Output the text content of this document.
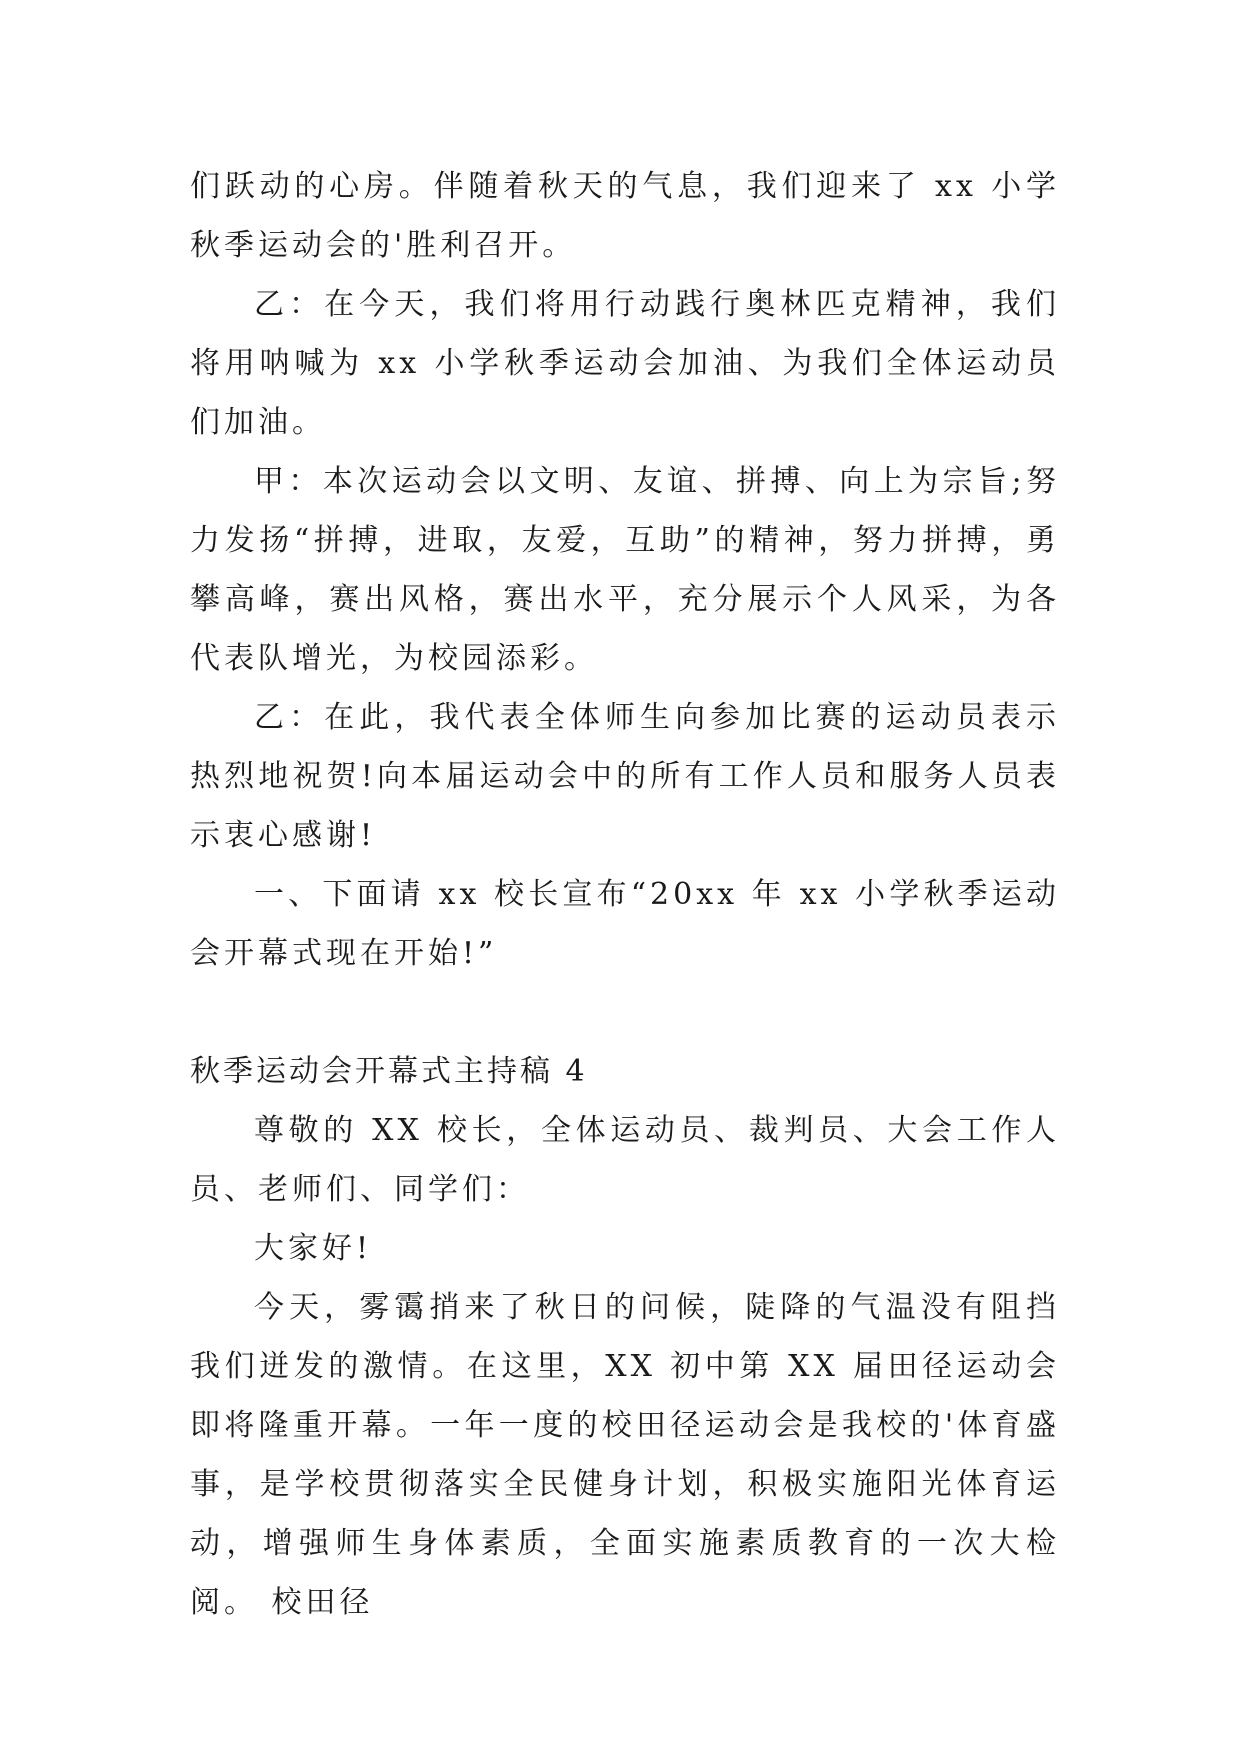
们跃动的心房。伴随着秋天的气息，我们迎来了 xx 小学秋季运动会的'胜利召开。

乙：在今天，我们将用行动践行奥林匹克精神，我们将用呐喊为 xx 小学秋季运动会加油、为我们全体运动员们加油。

甲：本次运动会以文明、友谊、拼搏、向上为宗旨;努力发扬“拼搏，进取，友爱，互助”的精神，努力拼搏，勇攀高峰，赛出风格，赛出水平，充分展示个人风采，为各代表队增光，为校园添彩。

乙：在此，我代表全体师生向参加比赛的运动员表示热烈地祝贺!向本届运动会中的所有工作人员和服务人员表示衷心感谢!

一、下面请 xx 校长宣布“20xx 年 xx 小学秋季运动会开幕式现在开始!”

秋季运动会开幕式主持稿 4

尊敬的 XX 校长，全体运动员、裁判员、大会工作人员、老师们、同学们：

大家好!

今天，雾霭捎来了秋日的问候，陡降的气温没有阻挡我们迸发的激情。在这里，XX 初中第 XX 届田径运动会即将隆重开幕。一年一度的校田径运动会是我校的'体育盛事，是学校贯彻落实全民健身计划，积极实施阳光体育运动，增强师生身体素质，全面实施素质教育的一次大检阅。 校田径
